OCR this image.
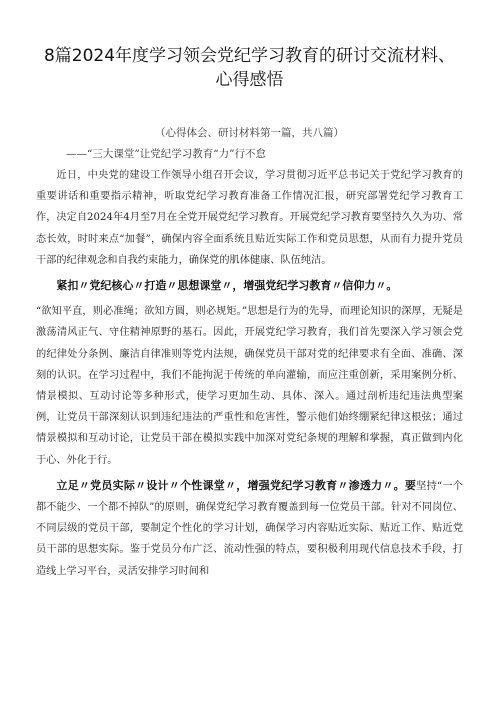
8篇2024年度学习领会党纪学习教育的研讨交流材料、心得感悟
（心得体会、研讨材料第一篇，共八篇）
——“三大课堂”让党纪学习教育“力”行不怠
近日，中央党的建设工作领导小组召开会议，学习贯彻习近平总书记关于党纪学习教育的重要讲话和重要指示精神，听取党纪学习教育准备工作情况汇报，研究部署党纪学习教育工作，决定自2024年4月至7月在全党开展党纪学习教育。开展党纪学习教育要坚持久久为功、常态长效，时时来点“加餐”，确保内容全面系统且贴近实际工作和党员思想，从而有力提升党员干部的纪律观念和自我约束能力，确保党的肌体健康、队伍纯洁。
紧扣〃党纪核心〃打造〃思想课堂〃，增强党纪学习教育〃信仰力〃。
“欲知平直，则必准绳；欲知方圆，则必规矩。”思想是行为的先导，而理论知识的深厚，无疑是激荡清风正气、守住精神原野的基石。因此，开展党纪学习教育，我们首先要深入学习领会党的纪律处分条例、廉洁自律准则等党内法规，确保党员干部对党的纪律要求有全面、准确、深刻的认识。在学习过程中，我们不能拘泥于传统的单向灌输，而应注重创新，采用案例分析、情景模拟、互动讨论等多种形式，使学习更加生动、具体、深入。通过剖析违纪违法典型案例，让党员干部深刻认识到违纪违法的严重性和危害性，警示他们始终绷紧纪律这根弦；通过情景模拟和互动讨论，让党员干部在模拟实践中加深对党纪条规的理解和掌握，真正做到内化于心、外化于行。
立足〃党员实际〃设计〃个性课堂〃，增强党纪学习教育〃渗透力〃。要坚持“一个都不能少、一个都不掉队”的原则，确保党纪学习教育覆盖到每一位党员干部。针对不同岗位、不同层级的党员干部，要制定个性化的学习计划，确保学习内容贴近实际、贴近工作、贴近党员干部的思想实际。鉴于党员分布广泛、流动性强的特点，要积极利用现代信息技术手段，打造线上学习平台，灵活安排学习时间和
